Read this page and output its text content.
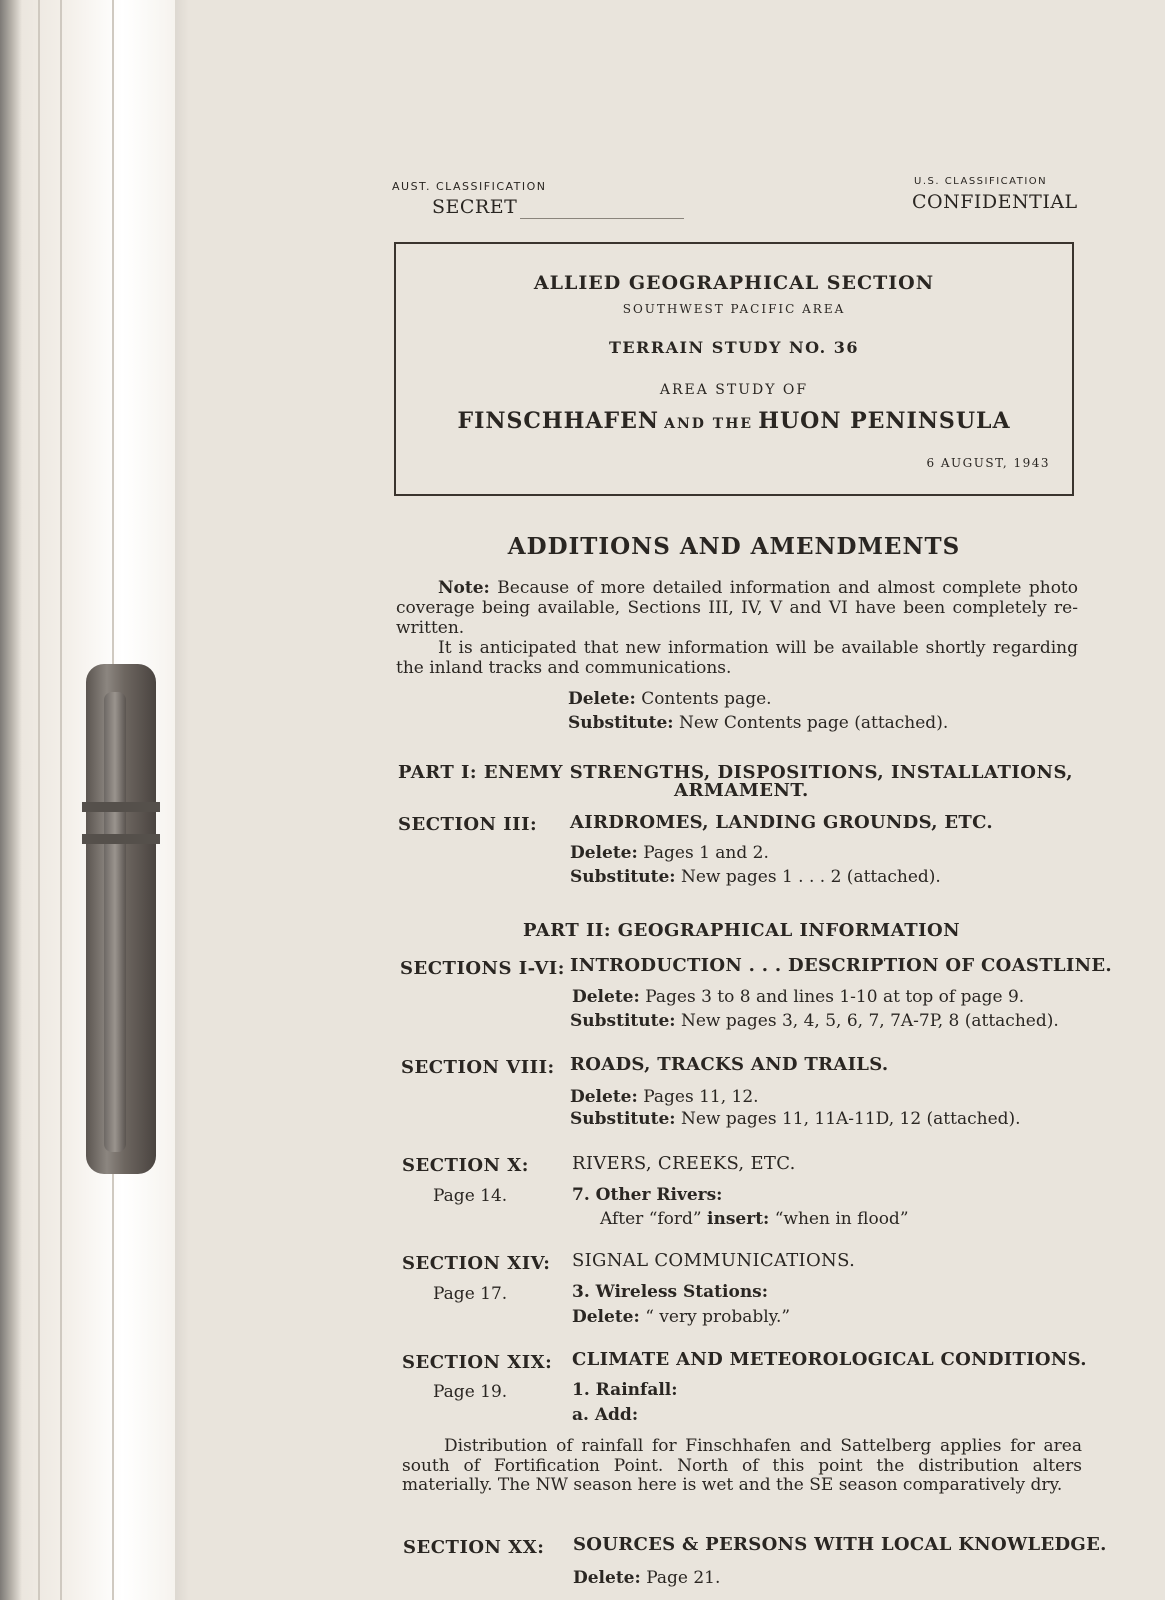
AUST. CLASSIFICATION
SECRET
U.S. CLASSIFICATION
CONFIDENTIAL
ALLIED GEOGRAPHICAL SECTION
SOUTHWEST PACIFIC AREA
TERRAIN STUDY NO. 36
AREA STUDY OF
FINSCHHAFEN AND THE HUON PENINSULA
6 AUGUST, 1943
ADDITIONS AND AMENDMENTS
Note: Because of more detailed information and almost complete photo coverage being available, Sections III, IV, V and VI have been completely re-written.
It is anticipated that new information will be available shortly regarding the inland tracks and communications.
Delete: Contents page.
Substitute: New Contents page (attached).
PART I: ENEMY STRENGTHS, DISPOSITIONS, INSTALLATIONS,
ARMAMENT.
SECTION III: AIRDROMES, LANDING GROUNDS, ETC.
Delete: Pages 1 and 2.
Substitute: New pages 1 . . . 2 (attached).
PART II: GEOGRAPHICAL INFORMATION
SECTIONS I-VI: INTRODUCTION . . . DESCRIPTION OF COASTLINE.
Delete: Pages 3 to 8 and lines 1-10 at top of page 9.
Substitute: New pages 3, 4, 5, 6, 7, 7A-7P, 8 (attached).
SECTION VIII: ROADS, TRACKS AND TRAILS.
Delete: Pages 11, 12.
Substitute: New pages 11, 11A-11D, 12 (attached).
SECTION X: RIVERS, CREEKS, ETC.
Page 14.	7. Other Rivers:
After “ford” insert: “when in flood”
SECTION XIV: SIGNAL COMMUNICATIONS.
Page 17.	3. Wireless Stations:
Delete: “ very probably.”
SECTION XIX: CLIMATE AND METEOROLOGICAL CONDITIONS.
Page 19.	1. Rainfall:
a. Add:
Distribution of rainfall for Finschhafen and Sattelberg applies for area south of Fortification Point. North of this point the distribution alters materially. The NW season here is wet and the SE season comparatively dry.
SECTION XX: SOURCES & PERSONS WITH LOCAL KNOWLEDGE.
Delete: Page 21.
